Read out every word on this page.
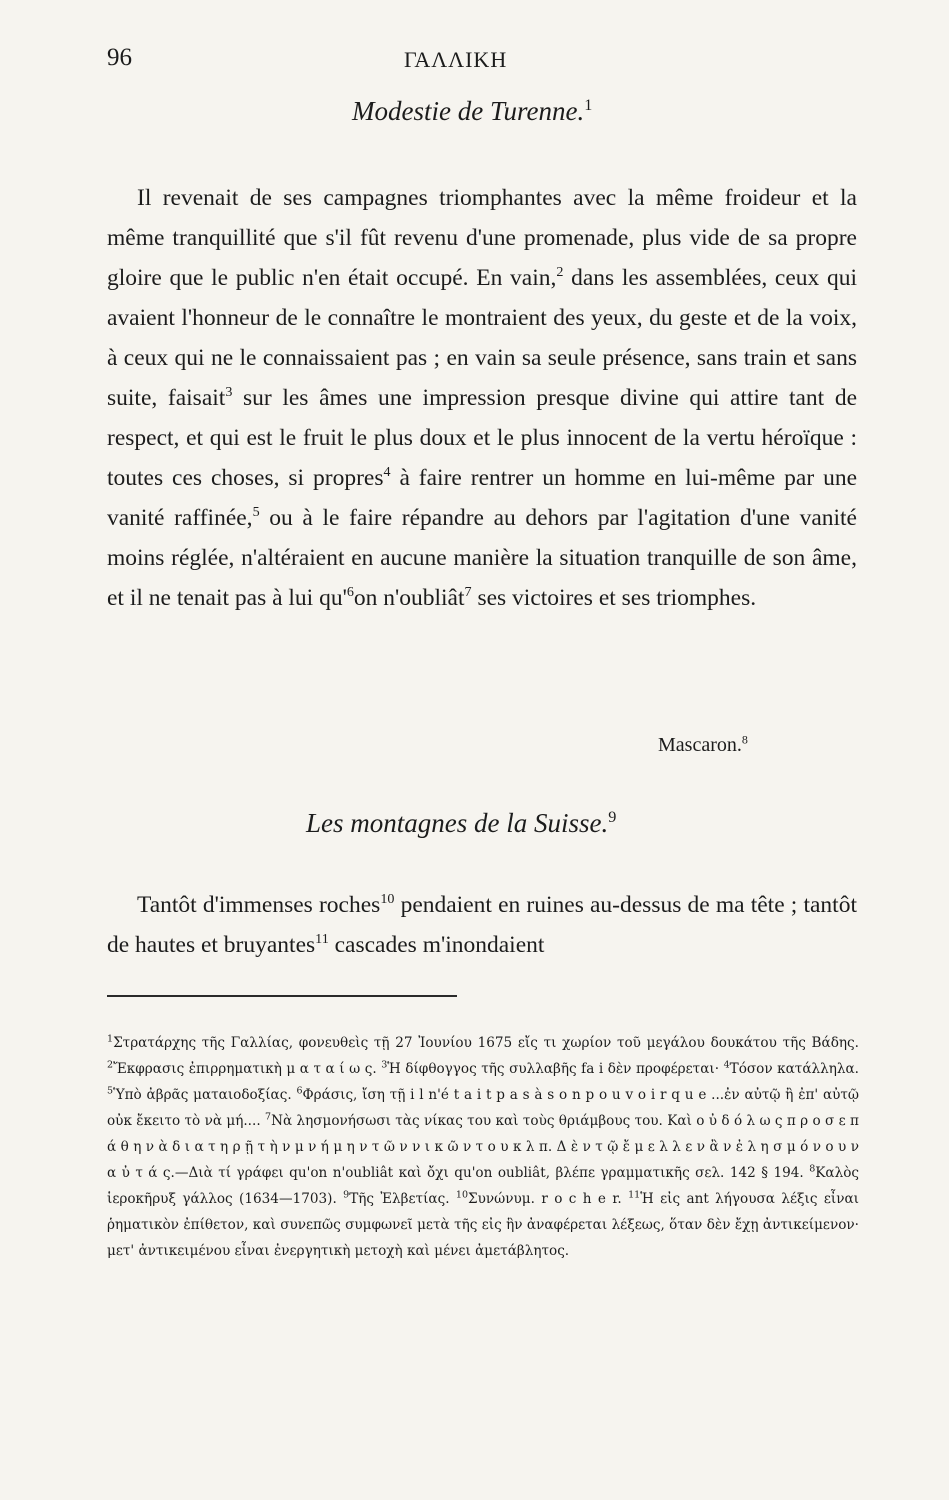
96	ΓΑΛΛΙΚΗ
Modestie de Turenne.$^1$

Il revenait de ses campagnes triomphantes avec la même froideur et la même tranquillité que s'il fût revenu d'une promenade, plus vide de sa propre gloire que le public n'en était occupé. En vain,$^2$ dans les assemblées, ceux qui avaient l'honneur de le connaître le montraient des yeux, du geste et de la voix, à ceux qui ne le connaissaient pas ; en vain sa seule présence, sans train et sans suite, faisait$^3$ sur les âmes une impression presque divine qui attire tant de respect, et qui est le fruit le plus doux et le plus innocent de la vertu héroïque : toutes ces choses, si propres$^4$ à faire rentrer un homme en lui-même par une vanité raffinée,$^5$ ou à le faire répandre au dehors par l'agitation d'une vanité moins réglée, n'altéraient en aucune manière la situation tranquille de son âme, et il ne tenait pas à lui $qu'^6on$ n'oubliât$^7$ ses victoires et ses triomphes.

Mascaron.$^8$
Les montagnes de la Suisse.$^9$

Tantôt d'immenses roches$^{10}$ pendaient en ruines au-dessus de ma tête ; tantôt de hautes et bruyantes$^{11}$ cascades m'inondaient

$^1$Στρατάρχης τῆς Γαλλίας, φονευθεὶς τῇ 27 Ἰουνίου 1675 εἴς τι χωρίον τοῦ μεγάλου δουκάτου τῆς Βάδης. $^2$Ἔκφρασις ἐπιρρηματικὴ μ α τ α ί ω ς. $^3$Ἡ δίφθογγος τῆς συλλαβῆς fa i δὲν προφέρεται· $^4$Τόσον κατάλληλα. $^5$Ὑπὸ ἀβρᾶς ματαιοδοξίας. $^6$Φράσις, ἴση τῇ i l n'é t a i t p a s à s o n p o u v o i r q u e ...ἐν αὐτῷ ἢ ἐπ' αὐτῷ οὐκ ἔκειτο τὸ νὰ μή.... $^7$Νὰ λησμονήσωσι τὰς νίκας του καὶ τοὺς θριάμβους του. Καὶ ο ὐ δ ό λ ω ς π ρ ο σ ε π ά θ η ν ὰ δ ι α τ η ρ ῇ τ ὴ ν μ ν ή μ η ν τ ῶ ν ν ι κ ῶ ν τ ο υ κ λ π. Δ ὲ ν τ ῷ ἔ μ ε λ λ ε ν ἂ ν ἐ λ η σ μ ό ν ο υ ν α ὐ τ ά ς.—Διὰ τί γράφει qu'on n'oubliât καὶ ὄχι qu'on oubliât, βλέπε γραμματικῆς σελ. 142 § 194. $^8$Καλὸς ἱεροκῆρυξ γάλλος (1634—1703). $^9$Τῆς Ἐλβετίας. $^{10}$Συνώνυμ. r o c h e r. $^{11}$Ἡ εἰς ant λήγουσα λέξις εἶναι ῥηματικὸν ἐπίθετον, καὶ συνεπῶς συμφωνεῖ μετὰ τῆς εἰς ἣν ἀναφέρεται λέξεως, ὅταν δὲν ἔχῃ ἀντικείμενον· μετ' ἀντικειμένου εἶναι ἐνεργητικὴ μετοχὴ καὶ μένει ἀμετάβλητος.
